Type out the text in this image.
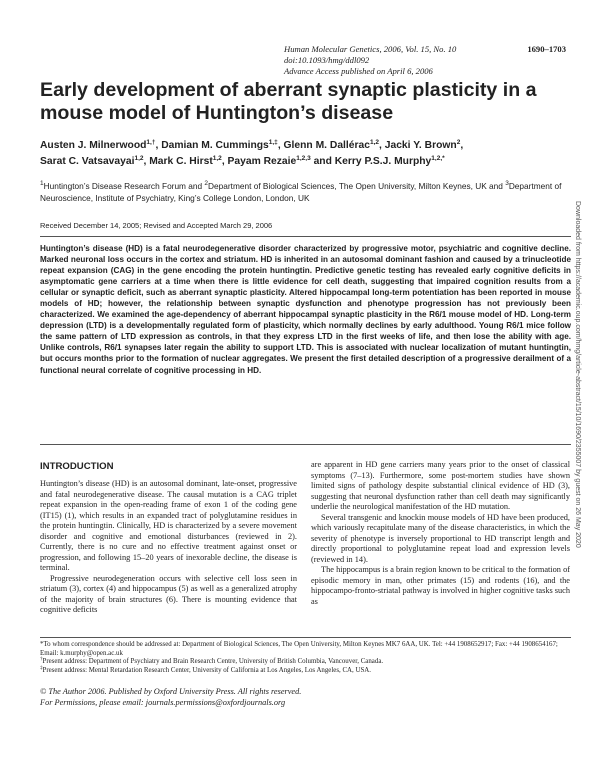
Human Molecular Genetics, 2006, Vol. 15, No. 10	1690–1703
doi:10.1093/hmg/ddl092
Advance Access published on April 6, 2006
Early development of aberrant synaptic plasticity in a mouse model of Huntington’s disease
Austen J. Milnerwood$^{1,\dagger}$, Damian M. Cummings$^{1,\ddagger}$, Glenn M. Dallérac$^{1,2}$, Jacki Y. Brown$^2$,
Sarat C. Vatsavayai$^{1,2}$, Mark C. Hirst$^{1,2}$, Payam Rezaie$^{1,2,3}$ and Kerry P.S.J. Murphy$^{1,2,*}$
$^1$Huntington’s Disease Research Forum and $^2$Department of Biological Sciences, The Open University, Milton Keynes, UK and $^3$Department of Neuroscience, Institute of Psychiatry, King’s College London, London, UK
Received December 14, 2005; Revised and Accepted March 29, 2006
Huntington’s disease (HD) is a fatal neurodegenerative disorder characterized by progressive motor, psychiatric and cognitive decline. Marked neuronal loss occurs in the cortex and striatum. HD is inherited in an autosomal dominant fashion and caused by a trinucleotide repeat expansion (CAG) in the gene encoding the protein huntingtin. Predictive genetic testing has revealed early cognitive deficits in asymptomatic gene carriers at a time when there is little evidence for cell death, suggesting that impaired cognition results from a cellular or synaptic deficit, such as aberrant synaptic plasticity. Altered hippocampal long-term potentiation has been reported in mouse models of HD; however, the relationship between synaptic dysfunction and phenotype progression has not previously been characterized. We examined the age-dependency of aberrant hippocampal synaptic plasticity in the R6/1 mouse model of HD. Long-term depression (LTD) is a developmentally regulated form of plasticity, which normally declines by early adulthood. Young R6/1 mice follow the same pattern of LTD expression as controls, in that they express LTD in the first weeks of life, and then lose the ability with age. Unlike controls, R6/1 synapses later regain the ability to support LTD. This is associated with nuclear localization of mutant huntingtin, but occurs months prior to the formation of nuclear aggregates. We present the first detailed description of a progressive derailment of a functional neural correlate of cognitive processing in HD.
INTRODUCTION

Huntington’s disease (HD) is an autosomal dominant, late-onset, progressive and fatal neurodegenerative disease. The causal mutation is a CAG triplet repeat expansion in the open-reading frame of exon 1 of the coding gene (IT15) (1), which results in an expanded tract of polyglutamine residues in the protein huntingtin. Clinically, HD is characterized by a severe movement disorder and cognitive and emotional disturbances (reviewed in 2). Currently, there is no cure and no effective treatment against onset or progression, and following 15–20 years of inexorable decline, the disease is terminal.

Progressive neurodegeneration occurs with selective cell loss seen in striatum (3), cortex (4) and hippocampus (5) as well as a generalized atrophy of the majority of brain structures (6). There is mounting evidence that cognitive deficits

are apparent in HD gene carriers many years prior to the onset of classical symptoms (7–13). Furthermore, some post-mortem studies have shown limited signs of pathology despite substantial clinical evidence of HD (3), suggesting that neuronal dysfunction rather than cell death may significantly underlie the neurological manifestation of the HD mutation.

Several transgenic and knockin mouse models of HD have been produced, which variously recapitulate many of the disease characteristics, in which the severity of phenotype is inversely proportional to HD transcript length and directly proportional to polyglutamine repeat load and expression levels (reviewed in 14).

The hippocampus is a brain region known to be critical to the formation of episodic memory in man, other primates (15) and rodents (16), and the hippocampo-fronto-striatal pathway is involved in higher cognitive tasks such as

*To whom correspondence should be addressed at: Department of Biological Sciences, The Open University, Milton Keynes MK7 6AA, UK. Tel: +44 1908652917; Fax: +44 1908654167; Email: k.murphy@open.ac.uk
†Present address: Department of Psychiatry and Brain Research Centre, University of British Columbia, Vancouver, Canada.
‡Present address: Mental Retardation Research Center, University of California at Los Angeles, Los Angeles, CA, USA.
© The Author 2006. Published by Oxford University Press. All rights reserved.
For Permissions, please email: journals.permissions@oxfordjournals.org
Downloaded from https://academic.oup.com/hmg/article-abstract/15/10/1690/2355007 by guest on 26 May 2020
